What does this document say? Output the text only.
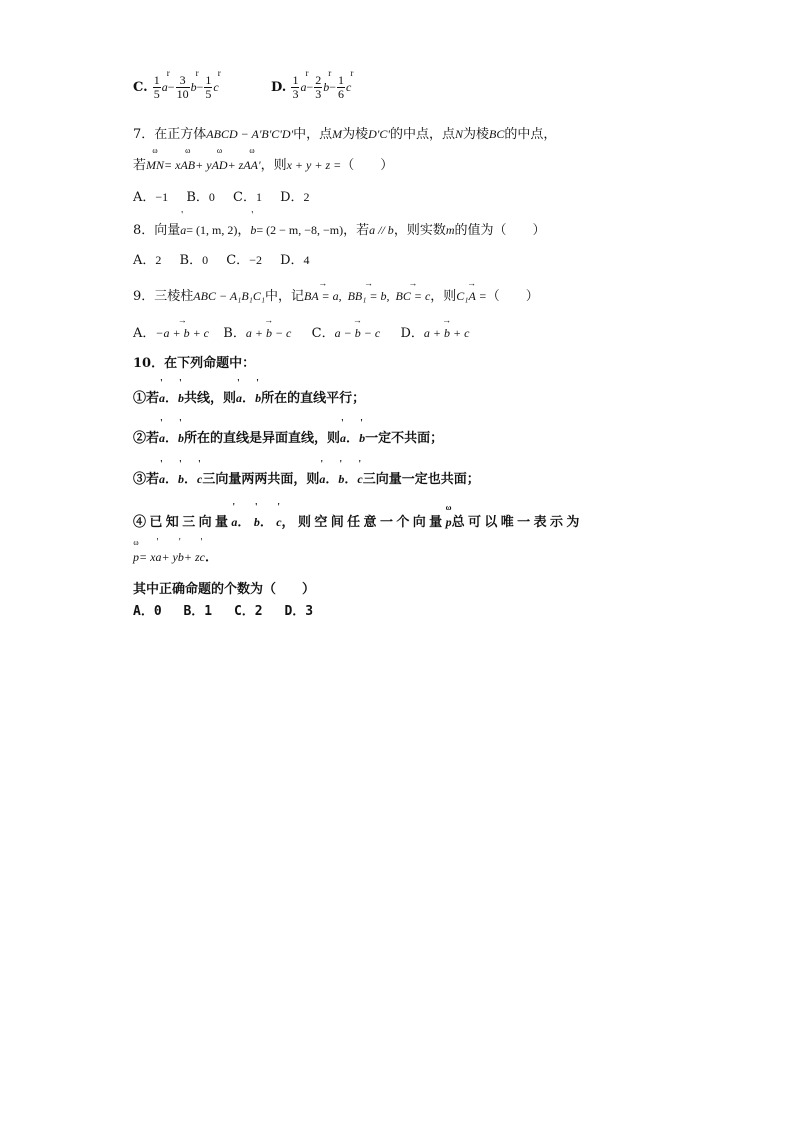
C. $\frac{1}{5}$ r $a- \frac{3}{10}$ r $b- \frac{1}{5}$ r c	D. $\frac{1}{3}$ r $a- \frac{2}{3}$ r $b- \frac{1}{6}$ r c
7．在正方体ABCD − A'B'C'D'中，点M为棱D'C'的中点，点N为棱BC的中点，
若ω MN= xω AB+ yω AD+ zω AA'，则x + y + z =（　　）
A．−1 B．0 C．1 D．2
8．向量' a= (1, m, 2)，' b= (2 − m, −8, −m)，若a // b，则实数m的值为（　　）
A．2 B．0 C．−2 D．4
9．三棱柱ABC − A₁B₁C₁中，记→ BA = a, → BB₁ = b, → BC = c，则→ C₁A =（　　）
A．→ −a + b + c B．→ a + b − c C．→ a − b − c D．→ a + b + c
10．在下列命题中：
①若' a．' b共线，则' a．' b所在的直线平行；
②若' a．' b所在的直线是异面直线，则' a．' b一定不共面；
③若' a．' b．' c三向量两两共面，则' a．' b．' c三向量一定也共面；
④已知三向量' a．' b．' c，则空间任意一个向量ω p总可以唯一表示为
ω p= x' a+ y' b+ z' c．
其中正确命题的个数为（　　）
A．0 B．1 C．2 D．3
